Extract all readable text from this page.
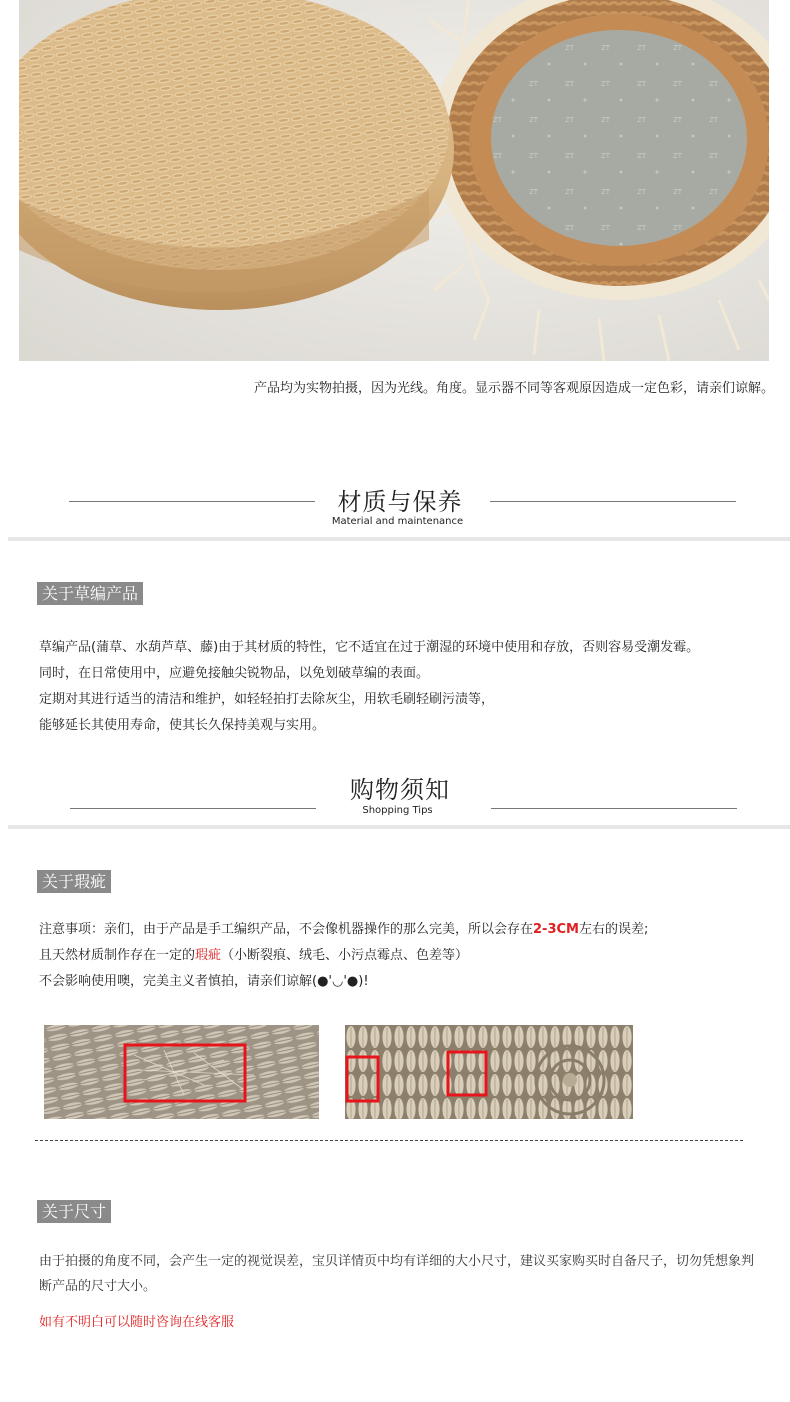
产品均为实物拍摄，因为光线。角度。显示器不同等客观原因造成一定色彩，请亲们谅解。
材质与保养
Material and maintenance
关于草编产品
草编产品(蒲草、水葫芦草、藤)由于其材质的特性，它不适宜在过于潮湿的环境中使用和存放，否则容易受潮发霉。
同时，在日常使用中，应避免接触尖锐物品，以免划破草编的表面。
定期对其进行适当的清洁和维护，如轻轻拍打去除灰尘，用软毛刷轻刷污渍等，
能够延长其使用寿命，使其长久保持美观与实用。
购物须知
Shopping Tips
关于瑕疵
注意事项：亲们，由于产品是手工编织产品，不会像机器操作的那么完美，所以会存在2-3CM左右的误差;
且天然材质制作存在一定的瑕疵（小断裂痕、绒毛、小污点霉点、色差等）
不会影响使用噢，完美主义者慎拍，请亲们谅解(●'◡'●)!
关于尺寸
由于拍摄的角度不同，会产生一定的视觉误差，宝贝详情页中均有详细的大小尺寸，建议买家购买时自备尺子，切勿凭想象判断产品的尺寸大小。
如有不明白可以随时咨询在线客服
